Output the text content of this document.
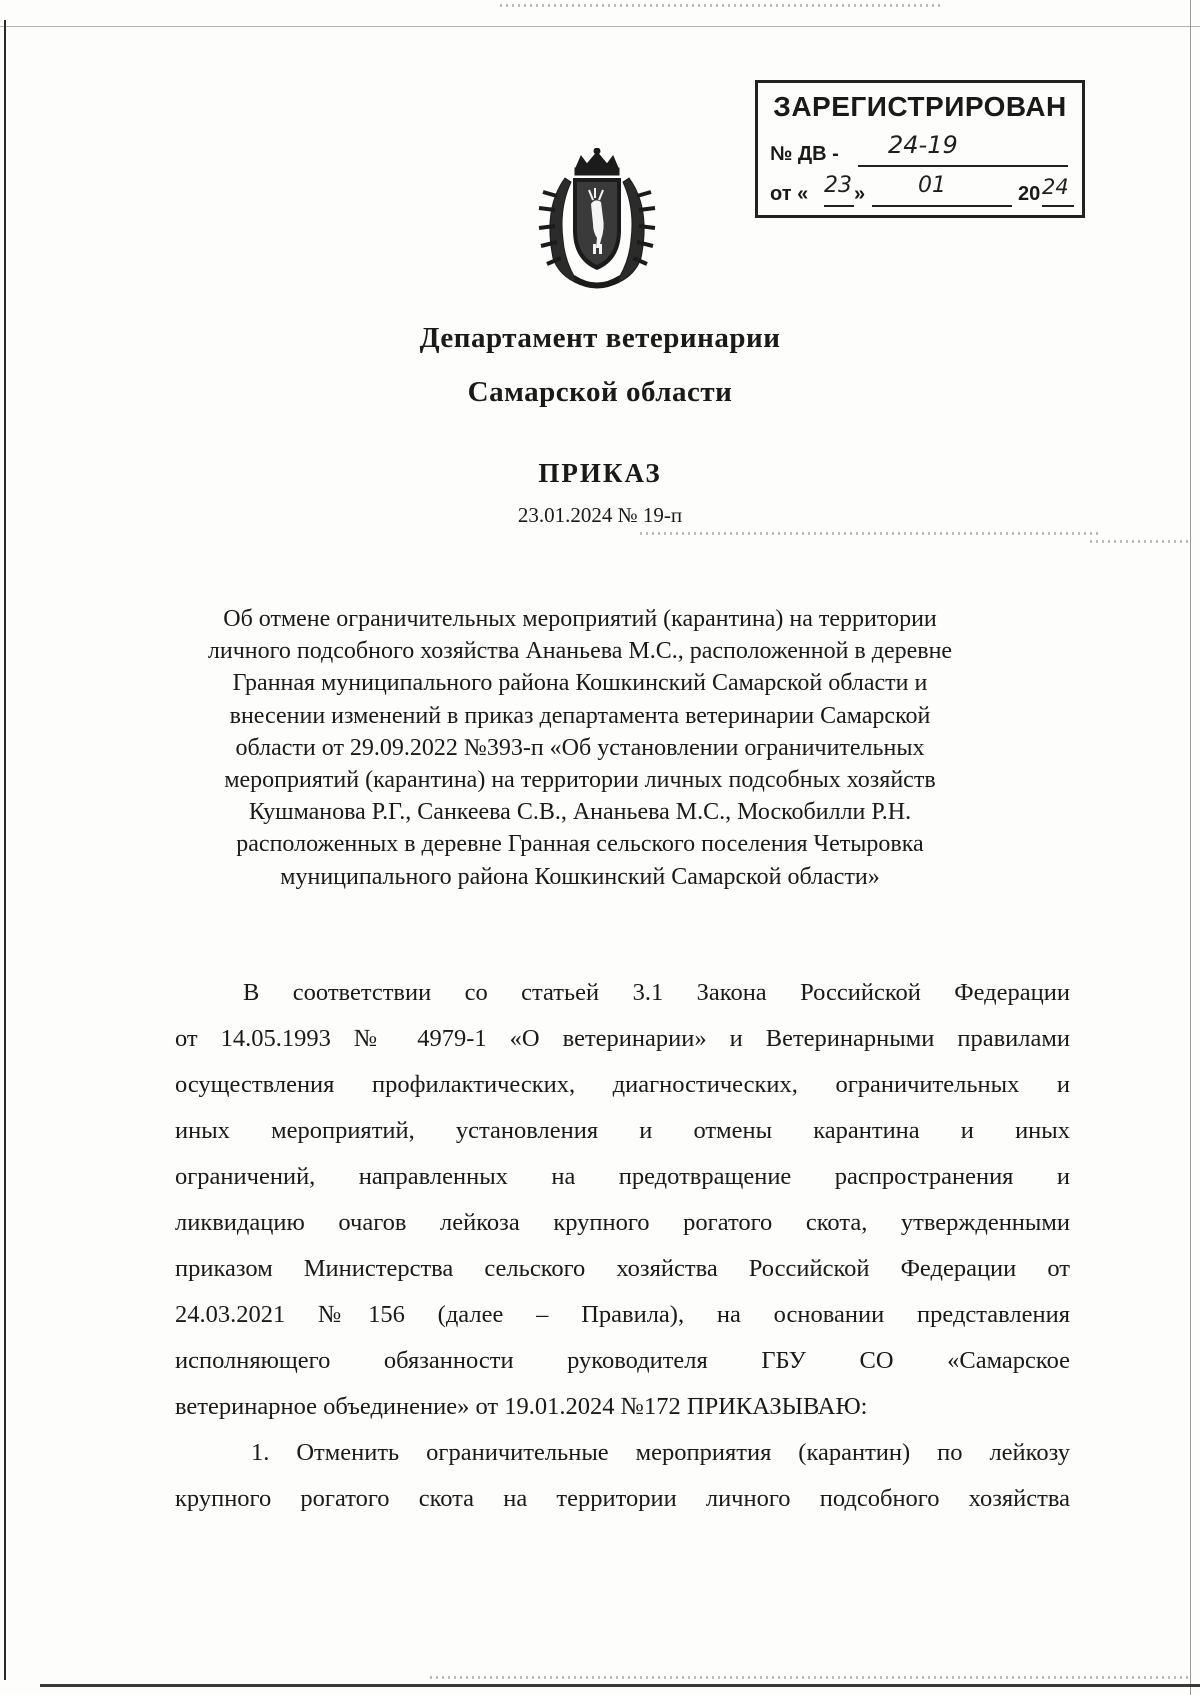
ЗАРЕГИСТРИРОВАН
№ ДВ - 24-19
от « 23 » 01	20 24
Департамент ветеринарии
Самарской области
ПРИКАЗ
23.01.2024 № 19-п
Об отмене ограничительных мероприятий (карантина) на территории
личного подсобного хозяйства Ананьева М.С., расположенной в деревне
Гранная муниципального района Кошкинский Самарской области и
внесении изменений в приказ департамента ветеринарии Самарской
области от 29.09.2022 №393-п «Об установлении ограничительных
мероприятий (карантина) на территории личных подсобных хозяйств
Кушманова Р.Г., Санкеева С.В., Ананьева М.С., Москобилли Р.Н.
расположенных в деревне Гранная сельского поселения Четыровка
муниципального района Кошкинский Самарской области»
В соответствии со статьей 3.1 Закона Российской Федерации
от 14.05.1993 № 4979-1 «О ветеринарии» и Ветеринарными правилами
осуществления профилактических, диагностических, ограничительных и
иных мероприятий, установления и отмены карантина и иных
ограничений, направленных на предотвращение распространения и
ликвидацию очагов лейкоза крупного рогатого скота, утвержденными
приказом Министерства сельского хозяйства Российской Федерации от
24.03.2021 №156 (далее – Правила), на основании представления
исполняющего обязанности руководителя ГБУ СО «Самарское
ветеринарное объединение» от 19.01.2024 №172 ПРИКАЗЫВАЮ:
1. Отменить ограничительные мероприятия (карантин) по лейкозу
крупного рогатого скота на территории личного подсобного хозяйства
